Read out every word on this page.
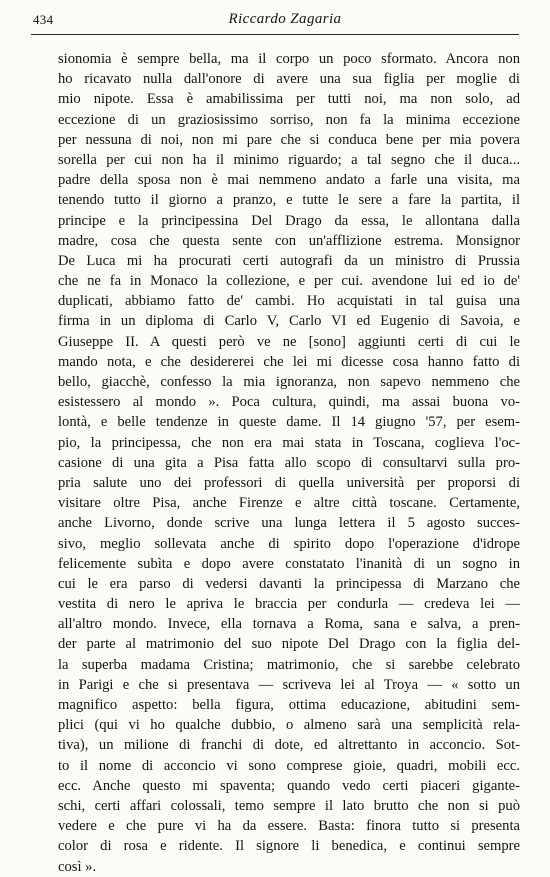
434	Riccardo Zagaria
sionomia è sempre bella, ma il corpo un poco sformato. Ancora non
ho ricavato nulla dall'onore di avere una sua figlia per moglie di
mio nipote. Essa è amabilissima per tutti noi, ma non solo, ad
eccezione di un graziosissimo sorriso, non fa la minima eccezione
per nessuna di noi, non mi pare che si conduca bene per mia povera
sorella per cui non ha il minimo riguardo; a tal segno che il duca...
padre della sposa non è mai nemmeno andato a farle una visita, ma
tenendo tutto il giorno a pranzo, e tutte le sere a fare la partita, il
principe e la principessina Del Drago da essa, le allontana dalla
madre, cosa che questa sente con un'afflizione estrema. Monsignor
De Luca mi ha procurati certi autografi da un ministro di Prussia
che ne fa in Monaco la collezione, e per cui. avendone lui ed io de'
duplicati, abbiamo fatto de' cambi. Ho acquistati in tal guisa una
firma in un diploma di Carlo V, Carlo VI ed Eugenio di Savoia, e
Giuseppe II. A questi però ve ne [sono] aggiunti certi di cui le
mando nota, e che desidererei che lei mi dicesse cosa hanno fatto di
bello, giacchè, confesso la mia ignoranza, non sapevo nemmeno che
esistessero al mondo ». Poca cultura, quindi, ma assai buona vo-
lontà, e belle tendenze in queste dame. Il 14 giugno '57, per esem-
pio, la principessa, che non era mai stata in Toscana, coglieva l'oc-
casione di una gita a Pisa fatta allo scopo di consultarvi sulla pro-
pria salute uno dei professori di quella università per proporsi di
visitare oltre Pisa, anche Firenze e altre città toscane. Certamente,
anche Livorno, donde scrive una lunga lettera il 5 agosto succes-
sivo, meglio sollevata anche di spirito dopo l'operazione d'idrope
felicemente subìta e dopo avere constatato l'inanità di un sogno in
cui le era parso di vedersi davanti la principessa di Marzano che
vestita di nero le apriva le braccia per condurla — credeva lei —
all'altro mondo. Invece, ella tornava a Roma, sana e salva, a pren-
der parte al matrimonio del suo nipote Del Drago con la figlia del-
la superba madama Cristina; matrimonio, che si sarebbe celebrato
in Parigi e che si presentava — scriveva lei al Troya — « sotto un
magnifico aspetto: bella figura, ottima educazione, abitudini sem-
plici (qui vi ho qualche dubbio, o almeno sarà una semplicità rela-
tiva), un milione di franchi di dote, ed altrettanto in acconcio. Sot-
to il nome di acconcio vi sono comprese gioie, quadri, mobili ecc.
ecc. Anche questo mi spaventa; quando vedo certi piaceri gigante-
schi, certi affari colossali, temo sempre il lato brutto che non si può
vedere e che pure vi ha da essere. Basta: finora tutto si presenta
color di rosa e ridente. Il signore li benedica, e continui sempre
così ».
